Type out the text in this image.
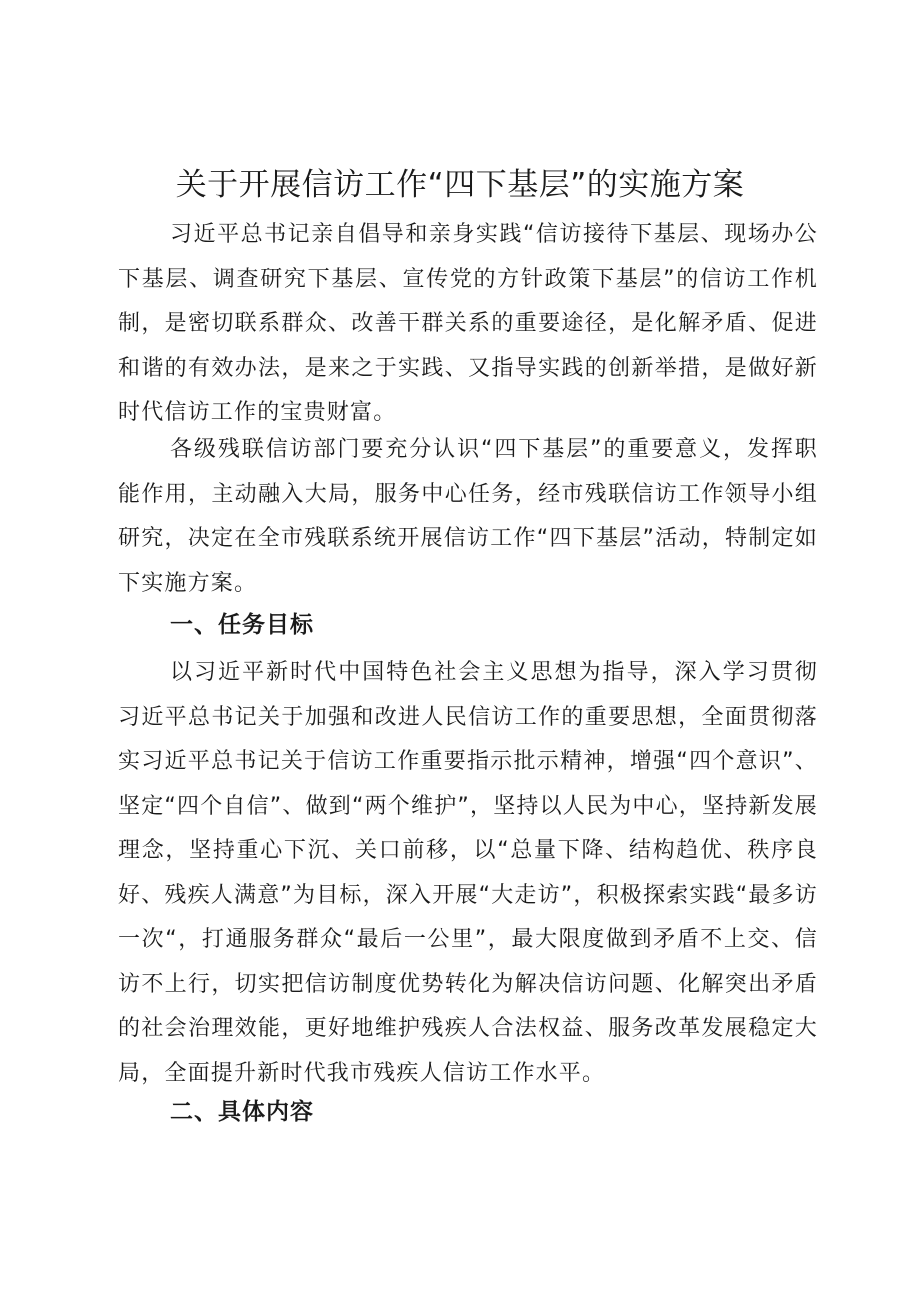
关于开展信访工作“四下基层”的实施方案

习近平总书记亲自倡导和亲身实践“信访接待下基层、现场办公下基层、调查研究下基层、宣传党的方针政策下基层”的信访工作机制，是密切联系群众、改善干群关系的重要途径，是化解矛盾、促进和谐的有效办法，是来之于实践、又指导实践的创新举措，是做好新时代信访工作的宝贵财富。

各级残联信访部门要充分认识“四下基层”的重要意义，发挥职能作用，主动融入大局，服务中心任务，经市残联信访工作领导小组研究，决定在全市残联系统开展信访工作“四下基层”活动，特制定如下实施方案。

一、任务目标

以习近平新时代中国特色社会主义思想为指导，深入学习贯彻习近平总书记关于加强和改进人民信访工作的重要思想，全面贯彻落实习近平总书记关于信访工作重要指示批示精神，增强“四个意识”、坚定“四个自信”、做到“两个维护”，坚持以人民为中心，坚持新发展理念，坚持重心下沉、关口前移，以“总量下降、结构趋优、秩序良好、残疾人满意”为目标，深入开展“大走访”，积极探索实践“最多访一次“，打通服务群众“最后一公里”，最大限度做到矛盾不上交、信访不上行，切实把信访制度优势转化为解决信访问题、化解突出矛盾的社会治理效能，更好地维护残疾人合法权益、服务改革发展稳定大局，全面提升新时代我市残疾人信访工作水平。

二、具体内容
